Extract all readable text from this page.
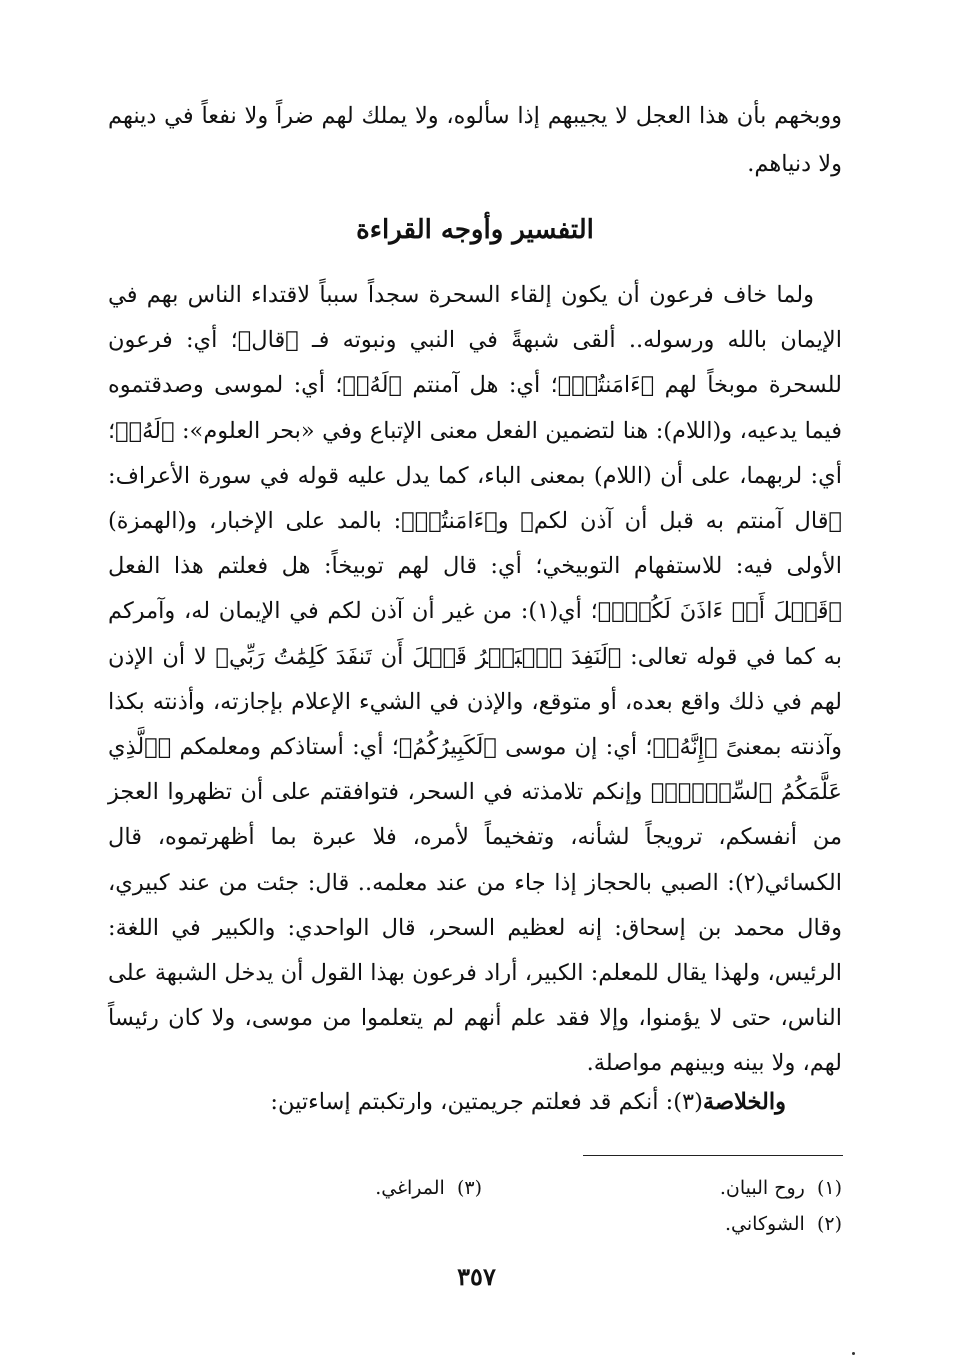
ووبخهم بأن هذا العجل لا يجيبهم إذا سألوه، ولا يملك لهم ضراً ولا نفعاً في دينهم ولا دنياهم.

التفسير وأوجه القراءة

ولما خاف فرعون أن يكون إلقاء السحرة سجداً سبباً لاقتداء الناس بهم في الإيمان بالله ورسوله.. ألقى شبهةً في النبي ونبوته فـ ﴿قال﴾؛ أي: فرعون للسحرة موبخاً لهم ﴿ءَامَنتُمۡ﴾؛ أي: هل آمنتم ﴿لَهُۥ﴾؛ أي: لموسى وصدقتموه فيما يدعيه، و(اللام): هنا لتضمين الفعل معنى الإتباع وفي «بحر العلوم»: ﴿لَهُۥ﴾؛ أي: لربهما، على أن (اللام) بمعنى الباء، كما يدل عليه قوله في سورة الأعراف: ﴿قال آمنتم به قبل أن آذن لكم﴾ و﴿ءَامَنتُمۡ﴾: بالمد على الإخبار، و(الهمزة) الأولى فيه: للاستفهام التوبيخي؛ أي: قال لهم توبيخاً: هل فعلتم هذا الفعل ﴿قَبۡلَ أَنۡ ءَاذَنَ لَكُمۡۖ﴾؛ أي(١): من غير أن آذن لكم في الإيمان له، وآمركم به كما في قوله تعالى: ﴿لَنَفِدَ ٱلۡبَحۡرُ قَبۡلَ أَن تَنفَدَ كَلِمَٰتُ رَبِّي﴾ لا أن الإذن لهم في ذلك واقع بعده، أو متوقع، والإذن في الشيء الإعلام بإجازته، وأذنته بكذا وآذنته بمعنىً ﴿إِنَّهُۥ﴾؛ أي: إن موسى ﴿لَكَبِيرُكُمُ﴾؛ أي: أستاذكم ومعلمكم ﴿ٱلَّذِي عَلَّمَكُمُ ٱلسِّحۡرَۖ﴾ وإنكم تلامذته في السحر، فتوافقتم على أن تظهروا العجز من أنفسكم، ترويجاً لشأنه، وتفخيماً لأمره، فلا عبرة بما أظهرتموه، قال الكسائي(٢): الصبي بالحجاز إذا جاء من عند معلمه.. قال: جئت من عند كبيري، وقال محمد بن إسحاق: إنه لعظيم السحر، قال الواحدي: والكبير في اللغة: الرئيس، ولهذا يقال للمعلم: الكبير، أراد فرعون بهذا القول أن يدخل الشبهة على الناس، حتى لا يؤمنوا، وإلا فقد علم أنهم لم يتعلموا من موسى، ولا كان رئيساً لهم، ولا بينه وبينهم مواصلة.

والخلاصة(٣): أنكم قد فعلتم جريمتين، وارتكبتم إساءتين:
(١)  روح البيان.
(٢)  الشوكاني.
(٣)  المراغي.
٣٥٧
